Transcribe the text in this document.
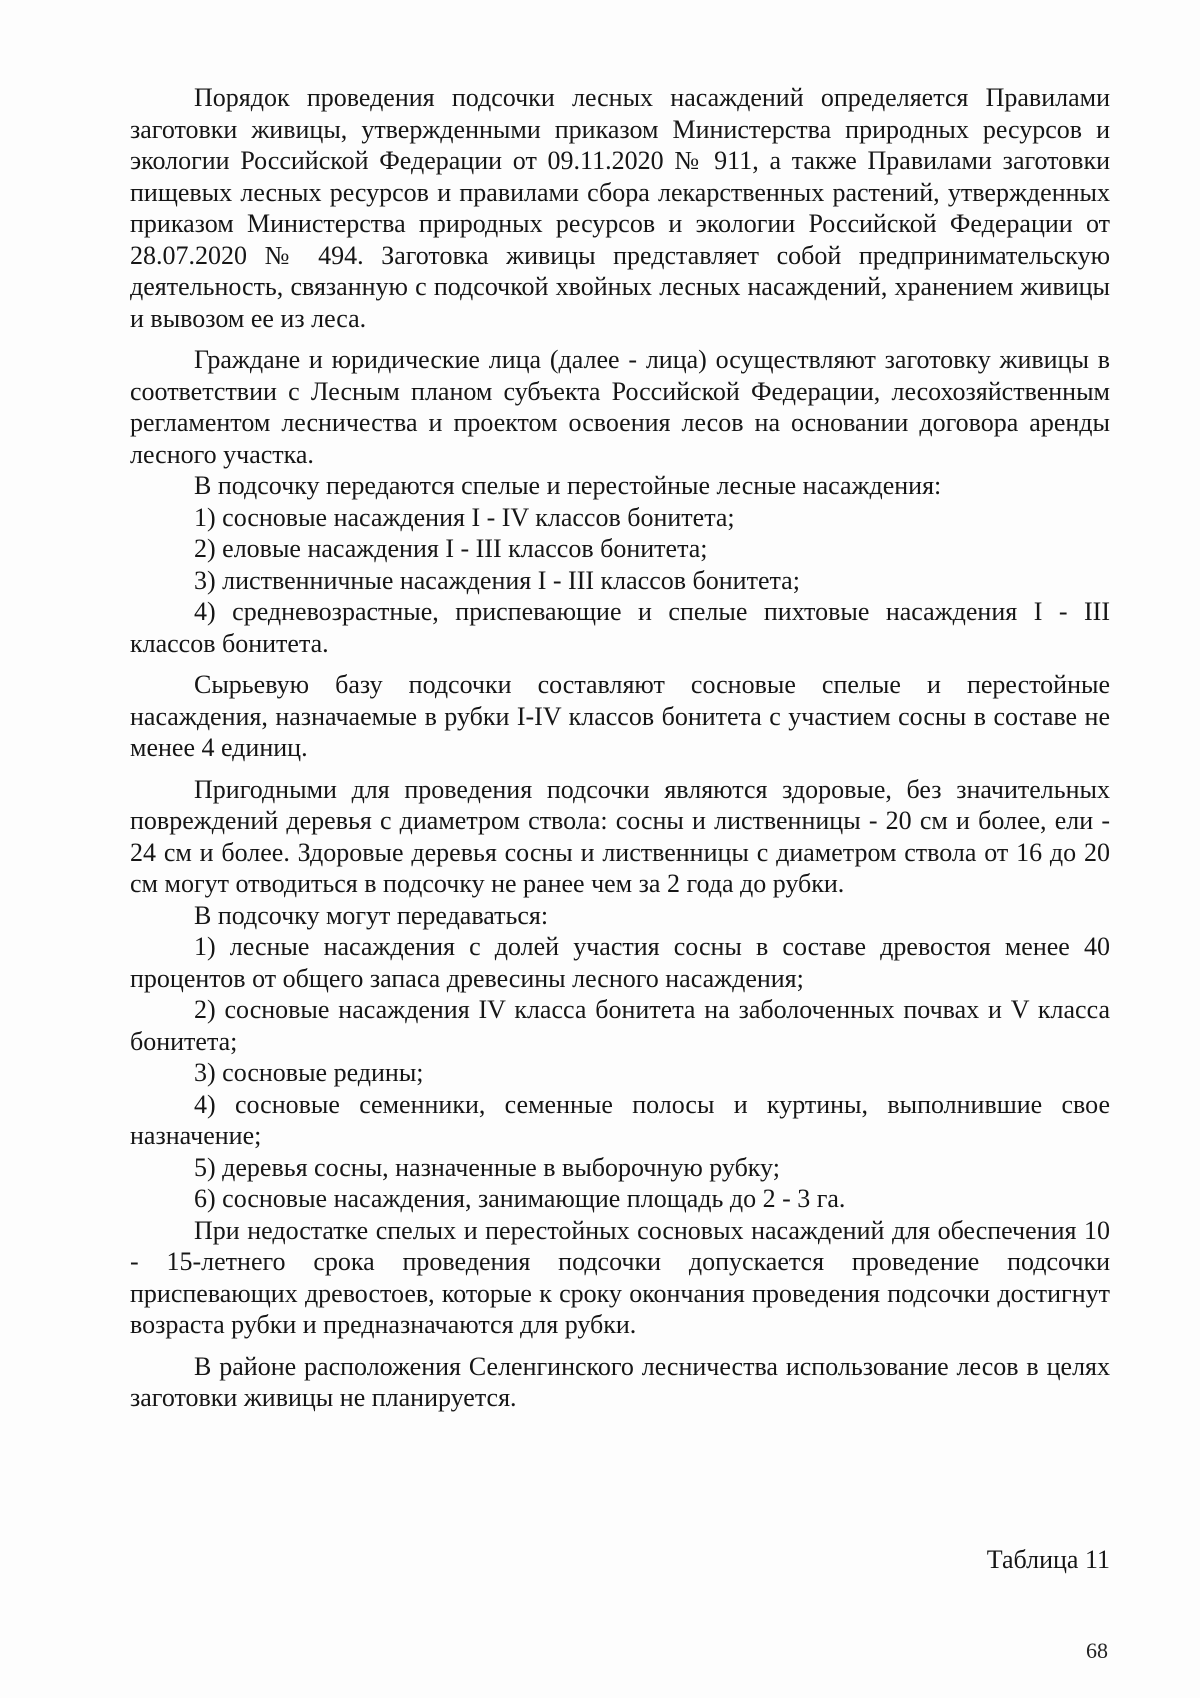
Порядок проведения подсочки лесных насаждений определяется Правилами заготовки живицы, утвержденными приказом Министерства природных ресурсов и экологии Российской Федерации от 09.11.2020 № 911, а также Правилами заготовки пищевых лесных ресурсов и правилами сбора лекарственных растений, утвержденных приказом Министерства природных ресурсов и экологии Российской Федерации от 28.07.2020 № 494. Заготовка живицы представляет собой предпринимательскую деятельность, связанную с подсочкой хвойных лесных насаждений, хранением живицы и вывозом ее из леса.

Граждане и юридические лица (далее - лица) осуществляют заготовку живицы в соответствии с Лесным планом субъекта Российской Федерации, лесохозяйственным регламентом лесничества и проектом освоения лесов на основании договора аренды лесного участка.

В подсочку передаются спелые и перестойные лесные насаждения:

1) сосновые насаждения I - IV классов бонитета;

2) еловые насаждения I - III классов бонитета;

3) лиственничные насаждения I - III классов бонитета;

4) средневозрастные, приспевающие и спелые пихтовые насаждения I - III классов бонитета.

Сырьевую базу подсочки составляют сосновые спелые и перестойные насаждения, назначаемые в рубки I-IV классов бонитета с участием сосны в составе не менее 4 единиц.

Пригодными для проведения подсочки являются здоровые, без значительных повреждений деревья с диаметром ствола: сосны и лиственницы - 20 см и более, ели - 24 см и более. Здоровые деревья сосны и лиственницы с диаметром ствола от 16 до 20 см могут отводиться в подсочку не ранее чем за 2 года до рубки.

В подсочку могут передаваться:

1) лесные насаждения с долей участия сосны в составе древостоя менее 40 процентов от общего запаса древесины лесного насаждения;

2) сосновые насаждения IV класса бонитета на заболоченных почвах и V класса бонитета;

3) сосновые редины;

4) сосновые семенники, семенные полосы и куртины, выполнившие свое назначение;

5) деревья сосны, назначенные в выборочную рубку;

6) сосновые насаждения, занимающие площадь до 2 - 3 га.

При недостатке спелых и перестойных сосновых насаждений для обеспечения 10 - 15-летнего срока проведения подсочки допускается проведение подсочки приспевающих древостоев, которые к сроку окончания проведения подсочки достигнут возраста рубки и предназначаются для рубки.

В районе расположения Селенгинского лесничества использование лесов в целях заготовки живицы не планируется.

Таблица 11
68
